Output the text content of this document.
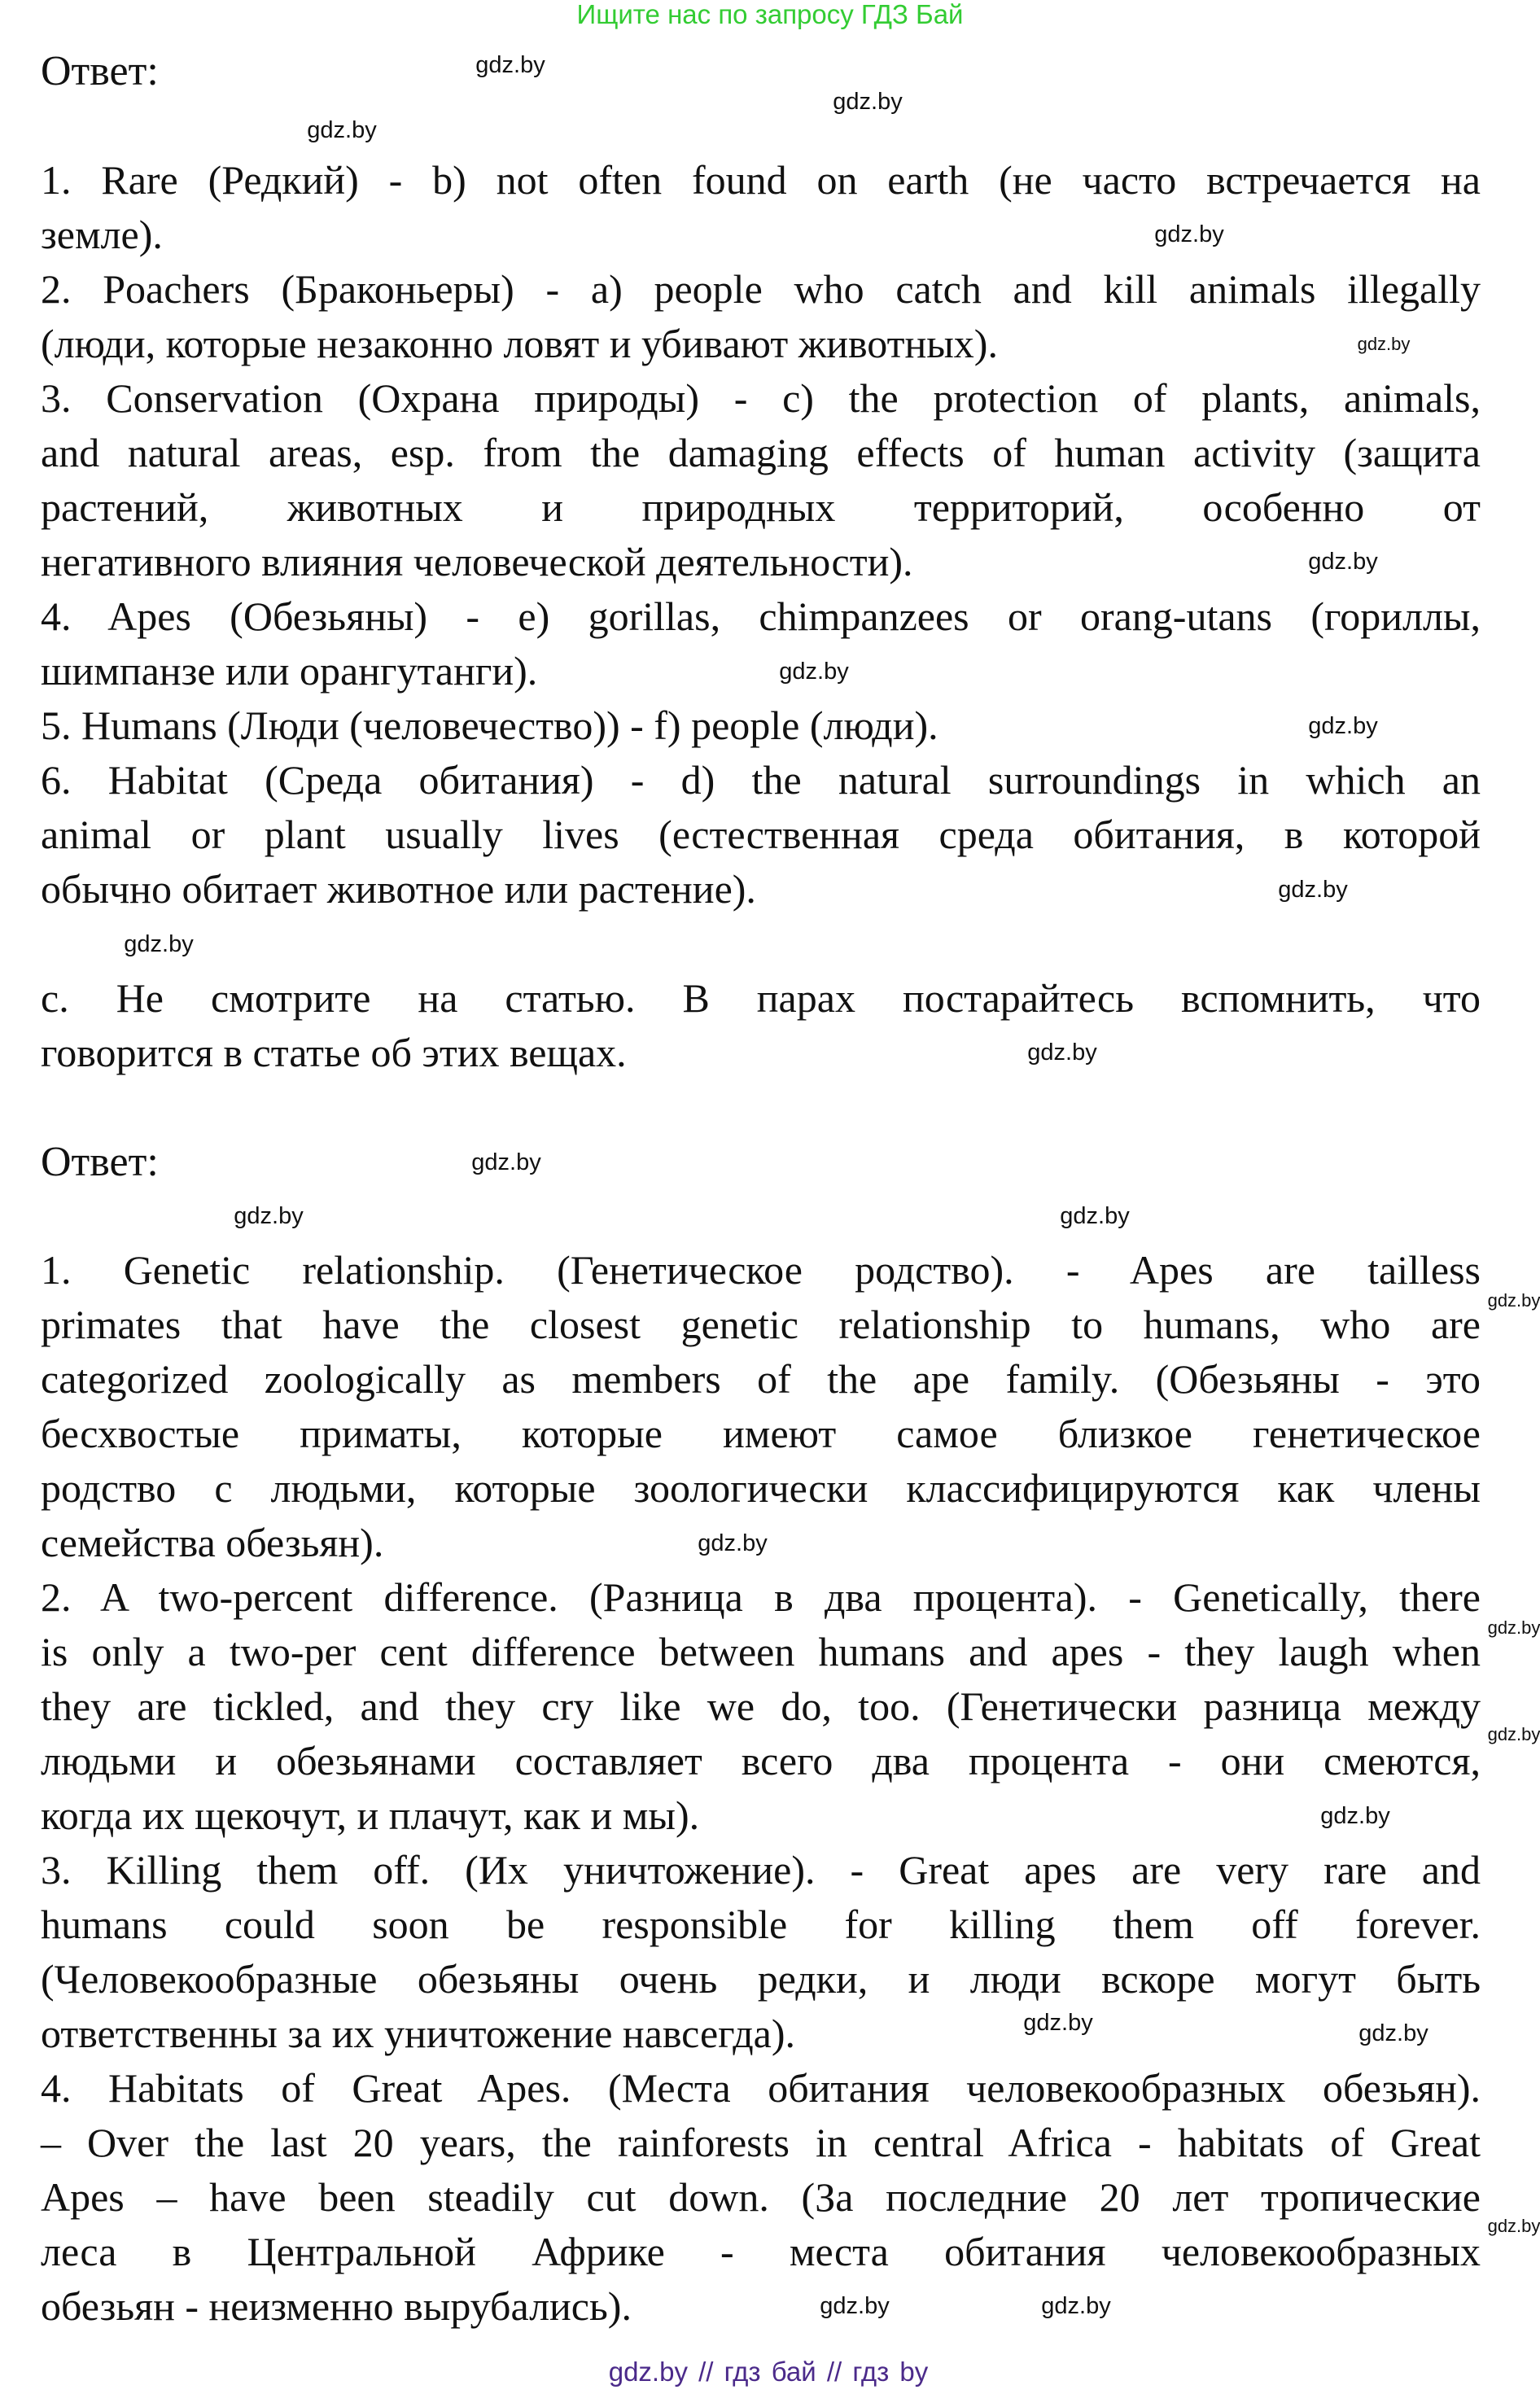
Ищите нас по запросу ГДЗ Бай
Ответ:
1. Rare (Редкий) - b) not often found on earth (не часто встречается на
земле).
2. Poachers (Браконьеры) - a) people who catch and kill animals illegally
(люди, которые незаконно ловят и убивают животных).
3. Conservation (Охрана природы) - c) the protection of plants, animals,
and natural areas, esp. from the damaging effects of human activity (защита
растений, животных и природных территорий, особенно от
негативного влияния человеческой деятельности).
4. Apes (Обезьяны) - e) gorillas, chimpanzees or orang-utans (гориллы,
шимпанзе или орангутанги).
5. Humans (Люди (человечество)) - f) people (люди).
6. Habitat (Среда обитания) - d) the natural surroundings in which an
animal or plant usually lives (естественная среда обитания, в которой
обычно обитает животное или растение).
c. Не смотрите на статью. В парах постарайтесь вспомнить, что
говорится в статье об этих вещах.
Ответ:
1. Genetic relationship. (Генетическое родство). - Apes are tailless
primates that have the closest genetic relationship to humans, who are
categorized zoologically as members of the ape family. (Обезьяны - это
бесхвостые приматы, которые имеют самое близкое генетическое
родство с людьми, которые зоологически классифицируются как члены
семейства обезьян).
2. A two-percent difference. (Разница в два процента). - Genetically, there
is only a two-per cent difference between humans and apes - they laugh when
they are tickled, and they cry like we do, too. (Генетически разница между
людьми и обезьянами составляет всего два процента - они смеются,
когда их щекочут, и плачут, как и мы).
3. Killing them off. (Их уничтожение). - Great apes are very rare and
humans could soon be responsible for killing them off forever.
(Человекообразные обезьяны очень редки, и люди вскоре могут быть
ответственны за их уничтожение навсегда).
4. Habitats of Great Apes. (Места обитания человекообразных обезьян).
– Over the last 20 years, the rainforests in central Africa - habitats of Great
Apes – have been steadily cut down. (За последние 20 лет тропические
леса в Центральной Африке - места обитания человекообразных
обезьян - неизменно вырубались).
gdz.by
gdz.by
gdz.by
gdz.by
gdz.by
gdz.by
gdz.by
gdz.by
gdz.by
gdz.by
gdz.by
gdz.by
gdz.by	gdz.by
gdz.by
gdz.by
gdz.by
gdz.by
gdz.by
gdz.by	gdz.by
gdz.by
gdz.by	gdz.by
gdz.by // гдз бай // гдз by
